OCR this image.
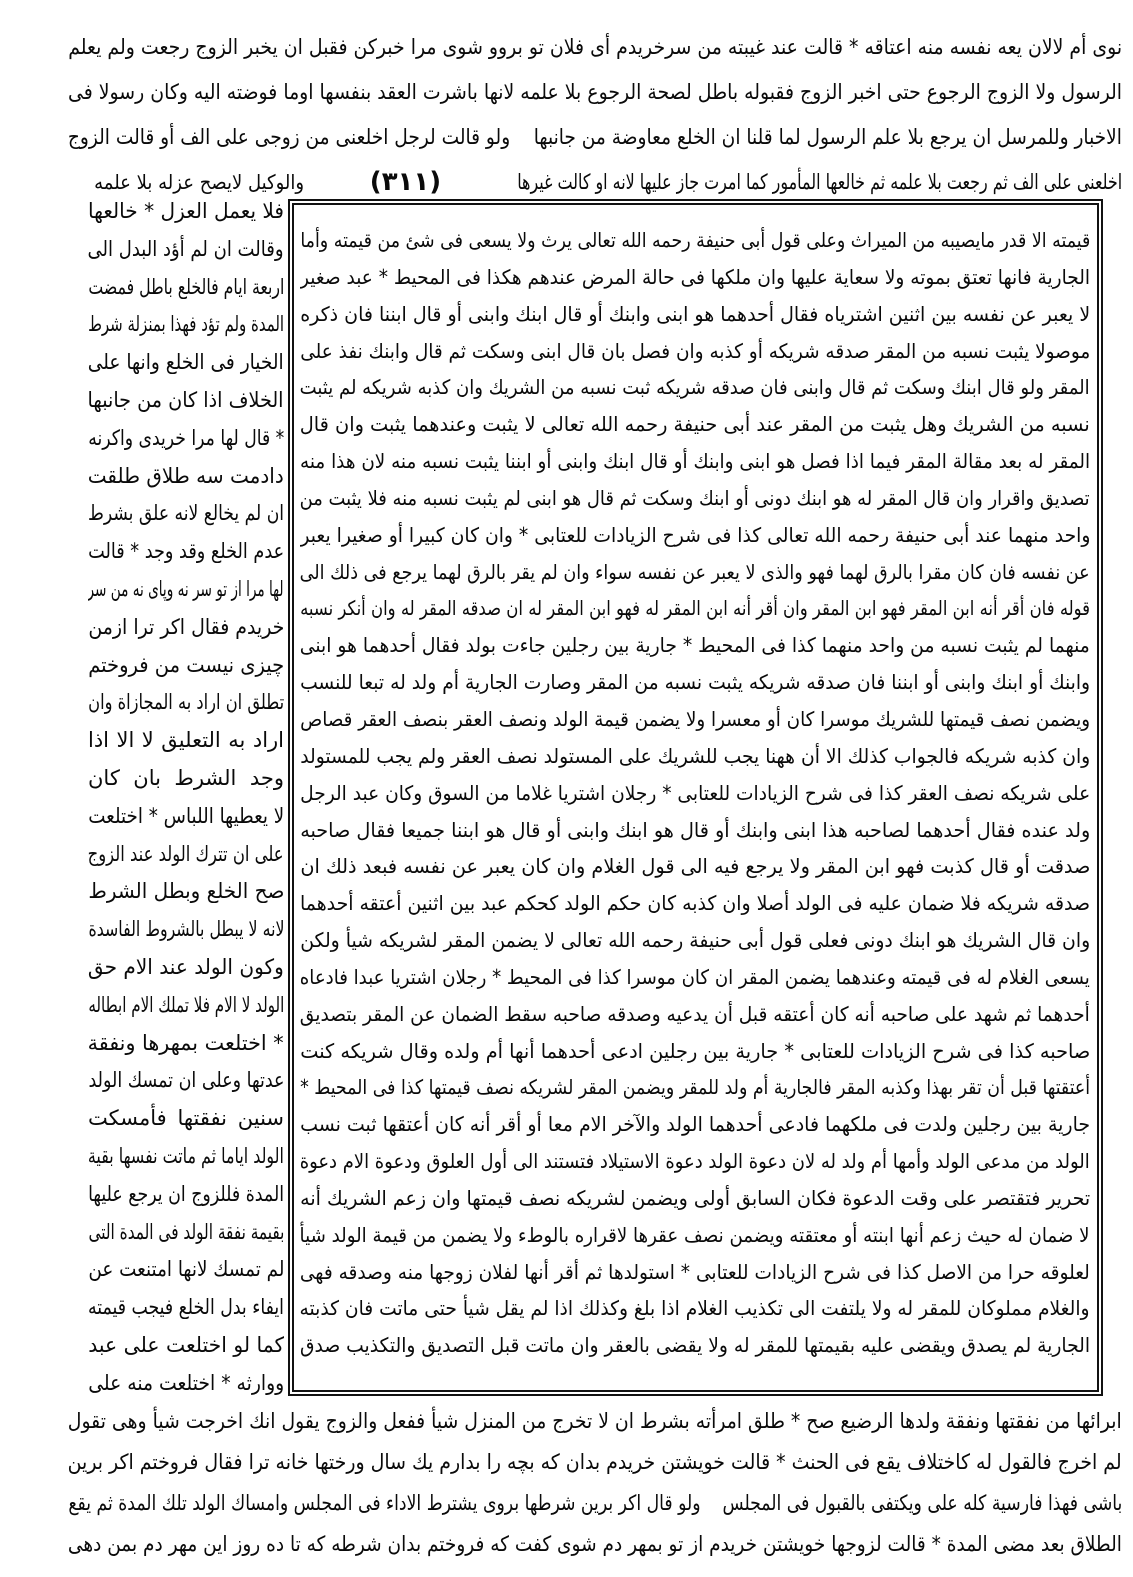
نوى أم لالان يعه نفسه منه اعتاقه * قالت عند غيبته من سرخريدم أى فلان تو بروو شوى مرا خبركن فقبل ان يخبر الزوج رجعت ولم يعلم
الرسول ولا الزوج الرجوع حتى اخبر الزوج فقبوله باطل لصحة الرجوع بلا علمه لانها باشرت العقد بنفسها اوما فوضته اليه وكان رسولا فى
الاخبار وللمرسل ان يرجع بلا علم الرسول لما قلنا ان الخلع معاوضة من جانبها    ولو قالت لرجل اخلعنى من زوجى على الف أو قالت الزوج
اخلعنى على الف ثم رجعت بلا علمه ثم خالعها المأمور كما امرت جاز عليها لانه او كالت غيرها
(٣١١)
والوكيل لايصح عزله بلا علمه
قيمته الا قدر مايصيبه من الميراث وعلى قول أبى حنيفة رحمه الله تعالى يرث ولا يسعى فى شئ من قيمته وأما
الجارية فانها تعتق بموته ولا سعاية عليها وان ملكها فى حالة المرض عندهم هكذا فى المحيط * عبد صغير
لا يعبر عن نفسه بين اثنين اشترياه فقال أحدهما هو ابنى وابنك أو قال ابنك وابنى أو قال ابننا فان ذكره
موصولا يثبت نسبه من المقر صدقه شريكه أو كذبه وان فصل بان قال ابنى وسكت ثم قال وابنك نفذ على
المقر ولو قال ابنك وسكت ثم قال وابنى فان صدقه شريكه ثبت نسبه من الشريك وان كذبه شريكه لم يثبت
نسبه من الشريك وهل يثبت من المقر عند أبى حنيفة رحمه الله تعالى لا يثبت وعندهما يثبت وان قال
المقر له بعد مقالة المقر فيما اذا فصل هو ابنى وابنك أو قال ابنك وابنى أو ابننا يثبت نسبه منه لان هذا منه
تصديق واقرار وان قال المقر له هو ابنك دونى أو ابنك وسكت ثم قال هو ابنى لم يثبت نسبه منه فلا يثبت من
واحد منهما عند أبى حنيفة رحمه الله تعالى كذا فى شرح الزيادات للعتابى * وان كان كبيرا أو صغيرا يعبر
عن نفسه فان كان مقرا بالرق لهما فهو والذى لا يعبر عن نفسه سواء وان لم يقر بالرق لهما يرجع فى ذلك الى
قوله فان أقر أنه ابن المقر فهو ابن المقر وان أقر أنه ابن المقر له فهو ابن المقر له ان صدقه المقر له وان أنكر نسبه
منهما لم يثبت نسبه من واحد منهما كذا فى المحيط * جارية بين رجلين جاءت بولد فقال أحدهما هو ابنى
وابنك أو ابنك وابنى أو ابننا فان صدقه شريكه يثبت نسبه من المقر وصارت الجارية أم ولد له تبعا للنسب
ويضمن نصف قيمتها للشريك موسرا كان أو معسرا ولا يضمن قيمة الولد ونصف العقر بنصف العقر قصاص
وان كذبه شريكه فالجواب كذلك الا أن ههنا يجب للشريك على المستولد نصف العقر ولم يجب للمستولد
على شريكه نصف العقر كذا فى شرح الزيادات للعتابى * رجلان اشتريا غلاما من السوق وكان عبد الرجل
ولد عنده فقال أحدهما لصاحبه هذا ابنى وابنك أو قال هو ابنك وابنى أو قال هو ابننا جميعا فقال صاحبه
صدقت أو قال كذبت فهو ابن المقر ولا يرجع فيه الى قول الغلام وان كان يعبر عن نفسه فبعد ذلك ان
صدقه شريكه فلا ضمان عليه فى الولد أصلا وان كذبه كان حكم الولد كحكم عبد بين اثنين أعتقه أحدهما
وان قال الشريك هو ابنك دونى فعلى قول أبى حنيفة رحمه الله تعالى لا يضمن المقر لشريكه شيأ ولكن
يسعى الغلام له فى قيمته وعندهما يضمن المقر ان كان موسرا كذا فى المحيط * رجلان اشتريا عبدا فادعاه
أحدهما ثم شهد على صاحبه أنه كان أعتقه قبل أن يدعيه وصدقه صاحبه سقط الضمان عن المقر بتصديق
صاحبه كذا فى شرح الزيادات للعتابى * جارية بين رجلين ادعى أحدهما أنها أم ولده وقال شريكه كنت
أعتقتها قبل أن تقر بهذا وكذبه المقر فالجارية أم ولد للمقر ويضمن المقر لشريكه نصف قيمتها كذا فى المحيط *
جارية بين رجلين ولدت فى ملكهما فادعى أحدهما الولد والآخر الام معا أو أقر أنه كان أعتقها ثبت نسب
الولد من مدعى الولد وأمها أم ولد له لان دعوة الولد دعوة الاستيلاد فتستند الى أول العلوق ودعوة الام دعوة
تحرير فتقتصر على وقت الدعوة فكان السابق أولى ويضمن لشريكه نصف قيمتها وان زعم الشريك أنه
لا ضمان له حيث زعم أنها ابنته أو معتقته ويضمن نصف عقرها لاقراره بالوطء ولا يضمن من قيمة الولد شيأ
لعلوقه حرا من الاصل كذا فى شرح الزيادات للعتابى * استولدها ثم أقر أنها لفلان زوجها منه وصدقه فهى
والغلام مملوكان للمقر له ولا يلتفت الى تكذيب الغلام اذا بلغ وكذلك اذا لم يقل شيأ حتى ماتت فان كذبته
الجارية لم يصدق ويقضى عليه بقيمتها للمقر له ولا يقضى بالعقر وان ماتت قبل التصديق والتكذيب صدق
فلا يعمل العزل * خالعها
وقالت ان لم أؤد البدل الى
اربعة ايام فالخلع باطل فمضت
المدة ولم تؤد فهذا بمنزلة شرط
الخيار فى الخلع وانها على
الخلاف اذا كان من جانبها
* قال لها مرا خريدى واكرنه
دادمت سه طلاق طلقت
ان لم يخالع لانه علق بشرط
عدم الخلع وقد وجد * قالت
لها مرا از تو سر نه وپاى نه من سر
خريدم فقال اكر ترا ازمن
چيزى نيست من فروختم
تطلق ان اراد به المجازاة وان
اراد به التعليق لا الا اذا
وجد الشرط بان كان
لا يعطيها اللباس * اختلعت
على ان تترك الولد عند الزوج
صح الخلع وبطل الشرط
لانه لا يبطل بالشروط الفاسدة
وكون الولد عند الام حق
الولد لا الام فلا تملك الام ابطاله
* اختلعت بمهرها ونفقة
عدتها وعلى ان تمسك الولد
سنين نفقتها فأمسكت
الولد اياما ثم ماتت نفسها بقية
المدة فللزوج ان يرجع عليها
بقيمة نفقة الولد فى المدة التى
لم تمسك لانها امتنعت عن
ايفاء بدل الخلع فيجب قيمته
كما لو اختلعت على عبد
ووارثه * اختلعت منه على
ابرائها من نفقتها ونفقة ولدها الرضيع صح * طلق امرأته بشرط ان لا تخرج من المنزل شيأ ففعل والزوج يقول انك اخرجت شيأ وهى تقول
لم اخرج فالقول له كاختلاف يقع فى الحنث * قالت خويشتن خريدم بدان كه بچه را بدارم يك سال ورختها خانه ترا فقال فروختم اكر برين
باشى فهذا فارسية كله على ويكتفى بالقبول فى المجلس    ولو قال اكر برين شرطها بروى يشترط الاداء فى المجلس وامساك الولد تلك المدة ثم يقع
الطلاق بعد مضى المدة * قالت لزوجها خويشتن خريدم از تو بمهر دم شوى كفت كه فروختم بدان شرطه كه تا ده روز اين مهر دم بمن دهى
